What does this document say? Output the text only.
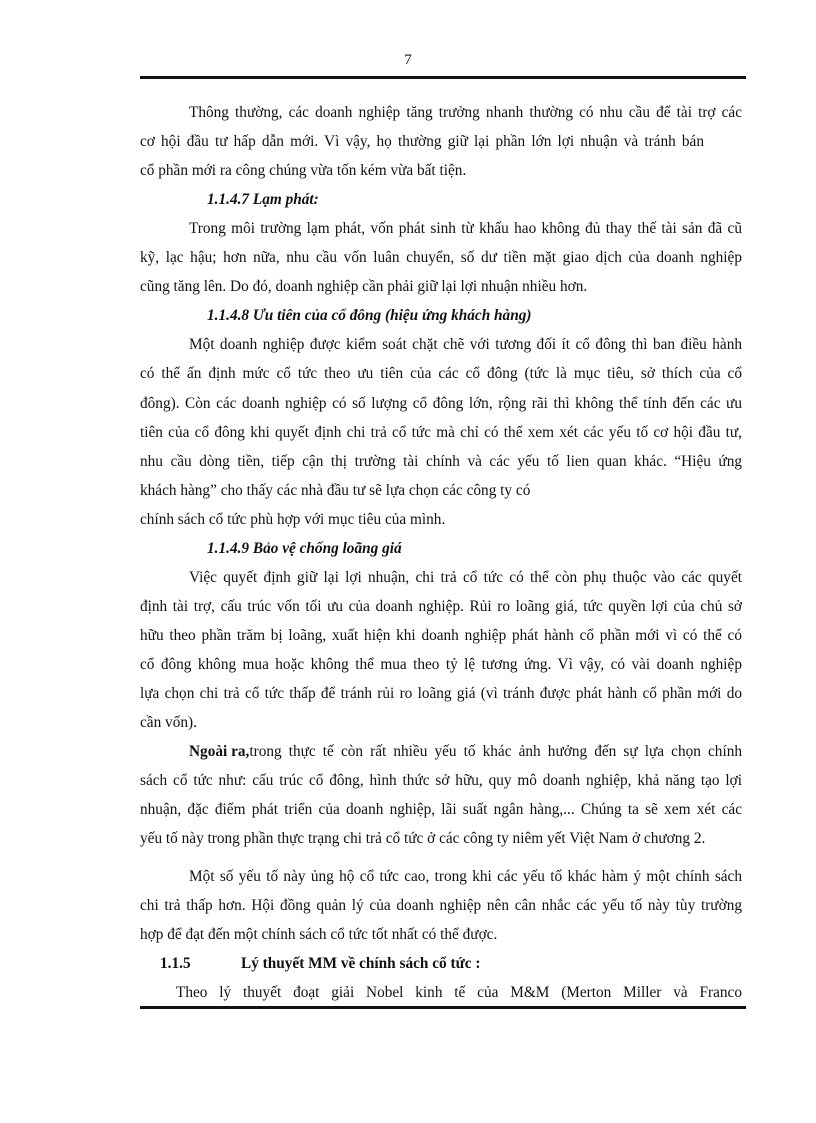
7
Thông thường, các doanh nghiệp tăng trưởng nhanh thường có nhu cầu để tài trợ các
cơ hội đầu tư hấp dẫn mới. Vì vậy, họ thường giữ lại phần lớn lợi nhuận và tránh bán
cổ phần mới ra công chúng vừa tốn kém vừa bất tiện.
1.1.4.7 Lạm phát:
Trong môi trường lạm phát, vốn phát sinh từ khấu hao không đủ thay thế tài sản đã cũ
kỹ, lạc hậu; hơn nữa, nhu cầu vốn luân chuyển, số dư tiền mặt giao dịch của doanh nghiệp
cũng tăng lên. Do đó, doanh nghiệp cần phải giữ lại lợi nhuận nhiều hơn.
1.1.4.8 Ưu tiên của cổ đông (hiệu ứng khách hàng)
Một doanh nghiệp được kiểm soát chặt chẽ với tương đối ít cổ đông thì ban điều hành
có thể ấn định mức cổ tức theo ưu tiên của các cổ đông (tức là mục tiêu, sở thích của cổ
đông). Còn các doanh nghiệp có số lượng cổ đông lớn, rộng rãi thì không thể tính đến các ưu
tiên của cổ đông khi quyết định chi trả cổ tức mà chỉ có thể xem xét các yếu tố cơ hội đầu tư,
nhu cầu dòng tiền, tiếp cận thị trường tài chính và các yếu tố lien quan khác. “Hiệu ứng
khách hàng” cho thấy các nhà đầu tư sẽ lựa chọn các công ty có
chính sách cổ tức phù hợp với mục tiêu của mình.
1.1.4.9 Bảo vệ chống loãng giá
Việc quyết định giữ lại lợi nhuận, chi trả cổ tức có thể còn phụ thuộc vào các quyết
định tài trợ, cấu trúc vốn tối ưu của doanh nghiệp. Rủi ro loãng giá, tức quyền lợi của chủ sở
hữu theo phần trăm bị loãng, xuất hiện khi doanh nghiệp phát hành cổ phần mới vì có thể có
cổ đông không mua hoặc không thể mua theo tỷ lệ tương ứng. Vì vậy, có vài doanh nghiệp
lựa chọn chi trả cổ tức thấp để tránh rủi ro loãng giá (vì tránh được phát hành cổ phần mới do
cần vốn).
Ngoài ra, trong thực tế còn rất nhiều yếu tố khác ảnh hưởng đến sự lựa chọn chính
sách cổ tức như: cấu trúc cổ đông, hình thức sở hữu, quy mô doanh nghiệp, khả năng tạo lợi
nhuận, đặc điểm phát triển của doanh nghiệp, lãi suất ngân hàng,... Chúng ta sẽ xem xét các
yếu tố này trong phần thực trạng chi trả cổ tức ở các công ty niêm yết Việt Nam ở chương 2.
Một số yếu tố này ủng hộ cổ tức cao, trong khi các yếu tố khác hàm ý một chính sách
chi trả thấp hơn. Hội đồng quản lý của doanh nghiệp nên cân nhắc các yếu tố này tùy trường
hợp để đạt đến một chính sách cổ tức tốt nhất có thể được.
1.1.5	Lý thuyết MM về chính sách cổ tức :
Theo lý thuyết đoạt giải Nobel kinh tế của M&M (Merton Miller và Franco
